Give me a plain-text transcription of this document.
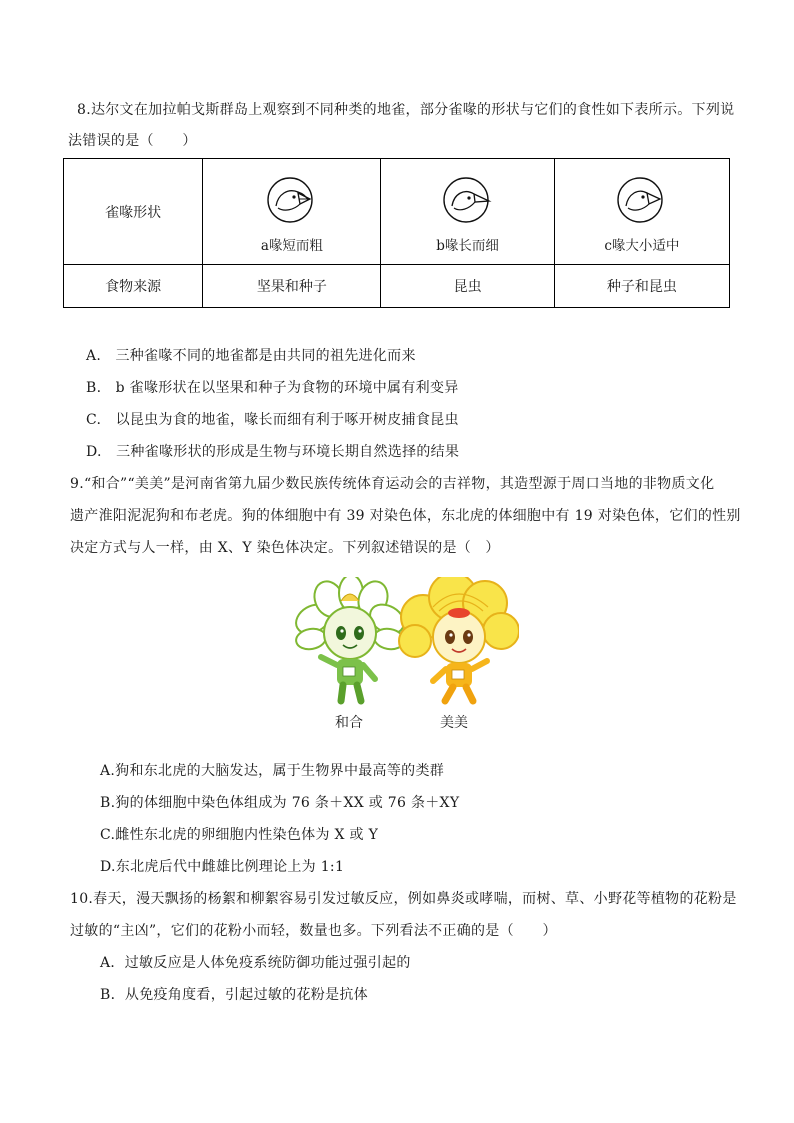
8.达尔文在加拉帕戈斯群岛上观察到不同种类的地雀，部分雀喙的形状与它们的食性如下表所示。下列说
法错误的是（　　）
雀喙形状	a喙短而粗	b喙长而细	c喙大小适中

食物来源	坚果和种子	昆虫	种子和昆虫
A.　三种雀喙不同的地雀都是由共同的祖先进化而来
B.　b 雀喙形状在以坚果和种子为食物的环境中属有利变异
C.　以昆虫为食的地雀，喙长而细有利于啄开树皮捕食昆虫
D.　三种雀喙形状的形成是生物与环境长期自然选择的结果
9.“和合”“美美”是河南省第九届少数民族传统体育运动会的吉祥物，其造型源于周口当地的非物质文化
遗产淮阳泥泥狗和布老虎。狗的体细胞中有 39 对染色体，东北虎的体细胞中有 19 对染色体，它们的性别
决定方式与人一样，由 X、Y 染色体决定。下列叙述错误的是（　）
和合	美美
A.狗和东北虎的大脑发达，属于生物界中最高等的类群
B.狗的体细胞中染色体组成为 76 条＋XX 或 76 条＋XY
C.雌性东北虎的卵细胞内性染色体为 X 或 Y
D.东北虎后代中雌雄比例理论上为 1:1
10.春天，漫天飘扬的杨絮和柳絮容易引发过敏反应，例如鼻炎或哮喘，而树、草、小野花等植物的花粉是
过敏的“主凶”，它们的花粉小而轻，数量也多。下列看法不正确的是（　　）
A．过敏反应是人体免疫系统防御功能过强引起的
B．从免疫角度看，引起过敏的花粉是抗体
